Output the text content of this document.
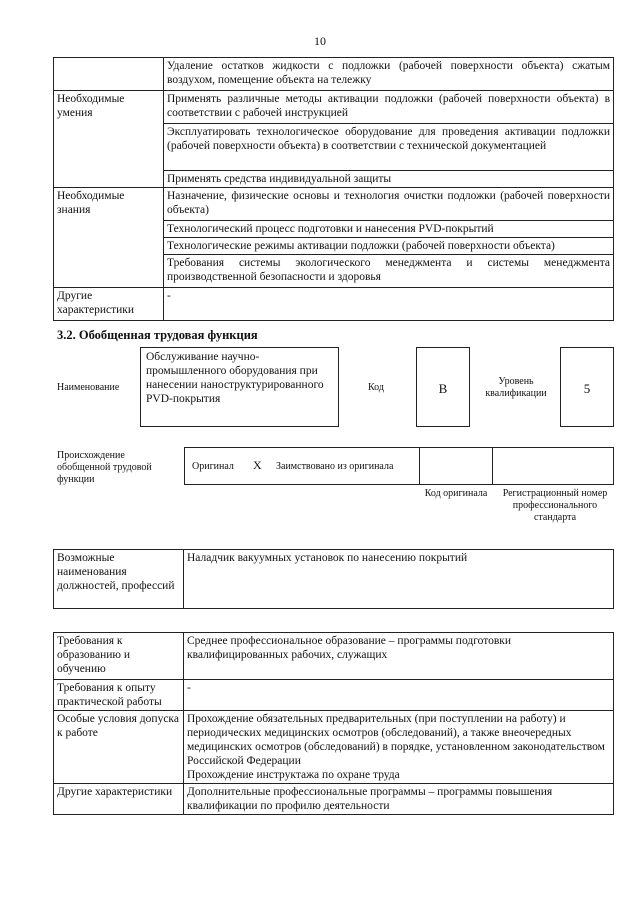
10
	Удаление остатков жидкости с подложки (рабочей поверхности объекта) сжатым воздухом, помещение объекта на тележку
Необходимые умения	Применять различные методы активации подложки (рабочей поверхности объекта) в соответствии с рабочей инструкцией
	Эксплуатировать технологическое оборудование для проведения активации подложки (рабочей поверхности объекта) в соответствии с технической документацией
	Применять средства индивидуальной защиты
Необходимые знания	Назначение, физические основы и технология очистки подложки (рабочей поверхности объекта)
	Технологический процесс подготовки и нанесения PVD-покрытий
	Технологические режимы активации подложки (рабочей поверхности объекта)
	Требования системы экологического менеджмента и системы менеджмента производственной безопасности и здоровья
Другие характеристики	-
3.2. Обобщенная трудовая функция
Наименование
Обслуживание научно-промышленного оборудования при нанесении наноструктурированного PVD-покрытия
Код	B	Уровень квалификации	5
Происхождение обобщенной трудовой функции
Оригинал X Заимствовано из оригинала
Код оригинала Регистрационный номер профессионального стандарта
Возможные наименования должностей, профессий	Наладчик вакуумных установок по нанесению покрытий
Требования к образованию и обучению	Среднее профессиональное образование – программы подготовки квалифицированных рабочих, служащих
Требования к опыту практической работы	-
Особые условия допуска к работе	Прохождение обязательных предварительных (при поступлении на работу) и периодических медицинских осмотров (обследований), а также внеочередных медицинских осмотров (обследований) в порядке, установленном законодательством Российской Федерации
Прохождение инструктажа по охране труда

Другие характеристики	Дополнительные профессиональные программы – программы повышения квалификации по профилю деятельности
